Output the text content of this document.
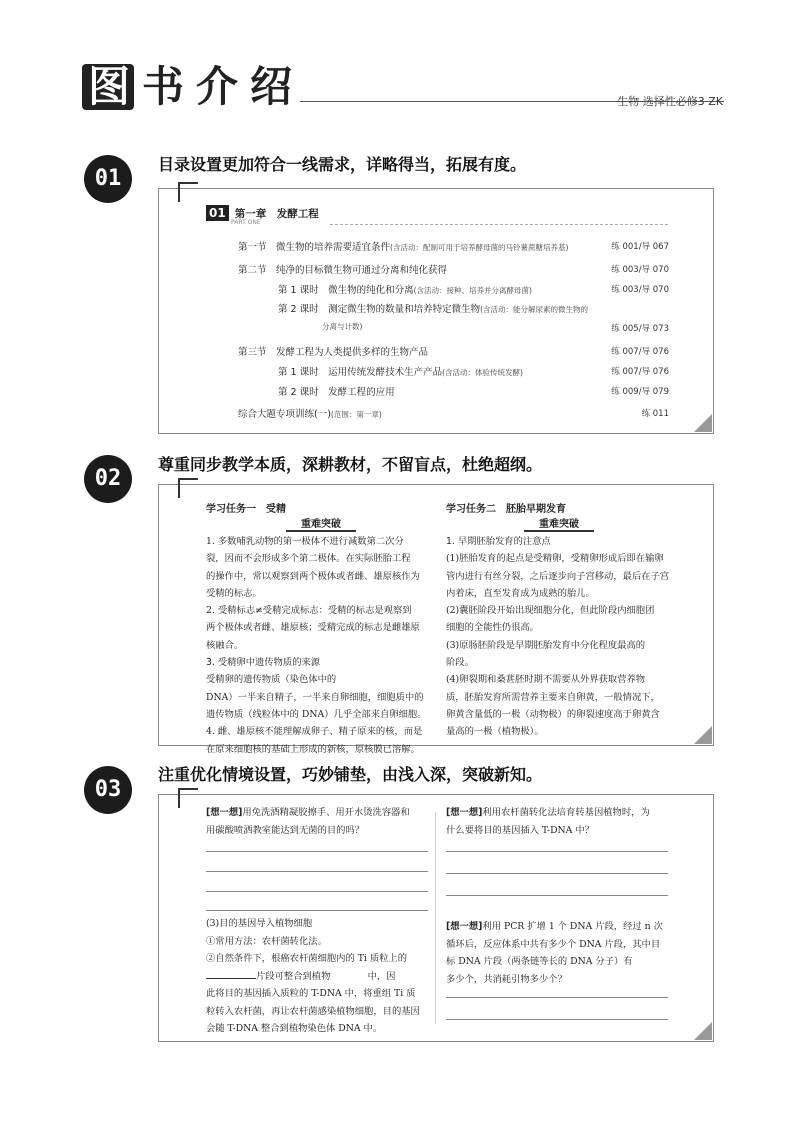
图 书 介 绍	生物 选择性必修3 ZK
01
目录设置更加符合一线需求，详略得当，拓展有度。
01 第一章　发酵工程
PART ONE
第一节　微生物的培养需要适宜条件(含活动：配制可用于培养酵母菌的马铃薯蔗糖培养基)	练 001/导 067
第二节　纯净的目标微生物可通过分离和纯化获得	练 003/导 070
第 1 课时　微生物的纯化和分离(含活动：接种、培养并分离酵母菌)	练 003/导 070
第 2 课时　测定微生物的数量和培养特定微生物(含活动：能分解尿素的微生物的
分离与计数)	练 005/导 073
第三节　发酵工程为人类提供多样的生物产品	练 007/导 076
第 1 课时　运用传统发酵技术生产产品(含活动：体验传统发酵)	练 007/导 076
第 2 课时　发酵工程的应用	练 009/导 079
综合大题专项训练(一)(范围：第一章)	练 011
02
尊重同步教学本质，深耕教材，不留盲点，杜绝超纲。
学习任务一　受精
重难突破
1. 多数哺乳动物的第一极体不进行减数第二次分
裂，因而不会形成多个第二极体。在实际胚胎工程
的操作中，常以观察到两个极体或者雌、雄原核作为
受精的标志。
2. 受精标志≠受精完成标志：受精的标志是观察到
两个极体或者雌、雄原核；受精完成的标志是雌雄原
核融合。
3. 受精卵中遗传物质的来源
受精卵的遗传物质（染色体中的
DNA）一半来自精子，一半来自卵细胞，细胞质中的
遗传物质（线粒体中的 DNA）几乎全部来自卵细胞。
4. 雌、雄原核不能理解成卵子、精子原来的核，而是
在原来细胞核的基础上形成的新核，原核膜已溶解。
学习任务二　胚胎早期发育
重难突破
1. 早期胚胎发育的注意点
(1)胚胎发育的起点是受精卵，受精卵形成后即在输卵
管内进行有丝分裂，之后逐步向子宫移动，最后在子宫
内着床，直至发育成为成熟的胎儿。
(2)囊胚阶段开始出现细胞分化，但此阶段内细胞团
细胞的全能性仍很高。
(3)原肠胚阶段是早期胚胎发育中分化程度最高的
阶段。
(4)卵裂期和桑葚胚时期不需要从外界获取营养物
质，胚胎发育所需营养主要来自卵黄，一般情况下，
卵黄含量低的一极（动物极）的卵裂速度高于卵黄含
量高的一极（植物极）。
03
注重优化情境设置，巧妙铺垫，由浅入深，突破新知。
[想一想]用免洗酒精凝胶擦手、用开水烫洗容器和
用碳酸喷洒教室能达到无菌的目的吗？
(3)目的基因导入植物细胞
①常用方法：农杆菌转化法。
②自然条件下，根癌农杆菌细胞内的 Ti 质粒上的
片段可整合到植物　　　　中，因
此将目的基因插入质粒的 T-DNA 中，将重组 Ti 质
粒转入农杆菌，再让农杆菌感染植物细胞，目的基因
会随 T-DNA 整合到植物染色体 DNA 中。
[想一想]利用农杆菌转化法培育转基因植物时，为
什么要将目的基因插入 T-DNA 中？
[想一想]利用 PCR 扩增 1 个 DNA 片段，经过 n 次
循环后，反应体系中共有多少个 DNA 片段，其中目
标 DNA 片段（两条链等长的 DNA 分子）有
多少个，共消耗引物多少个？
